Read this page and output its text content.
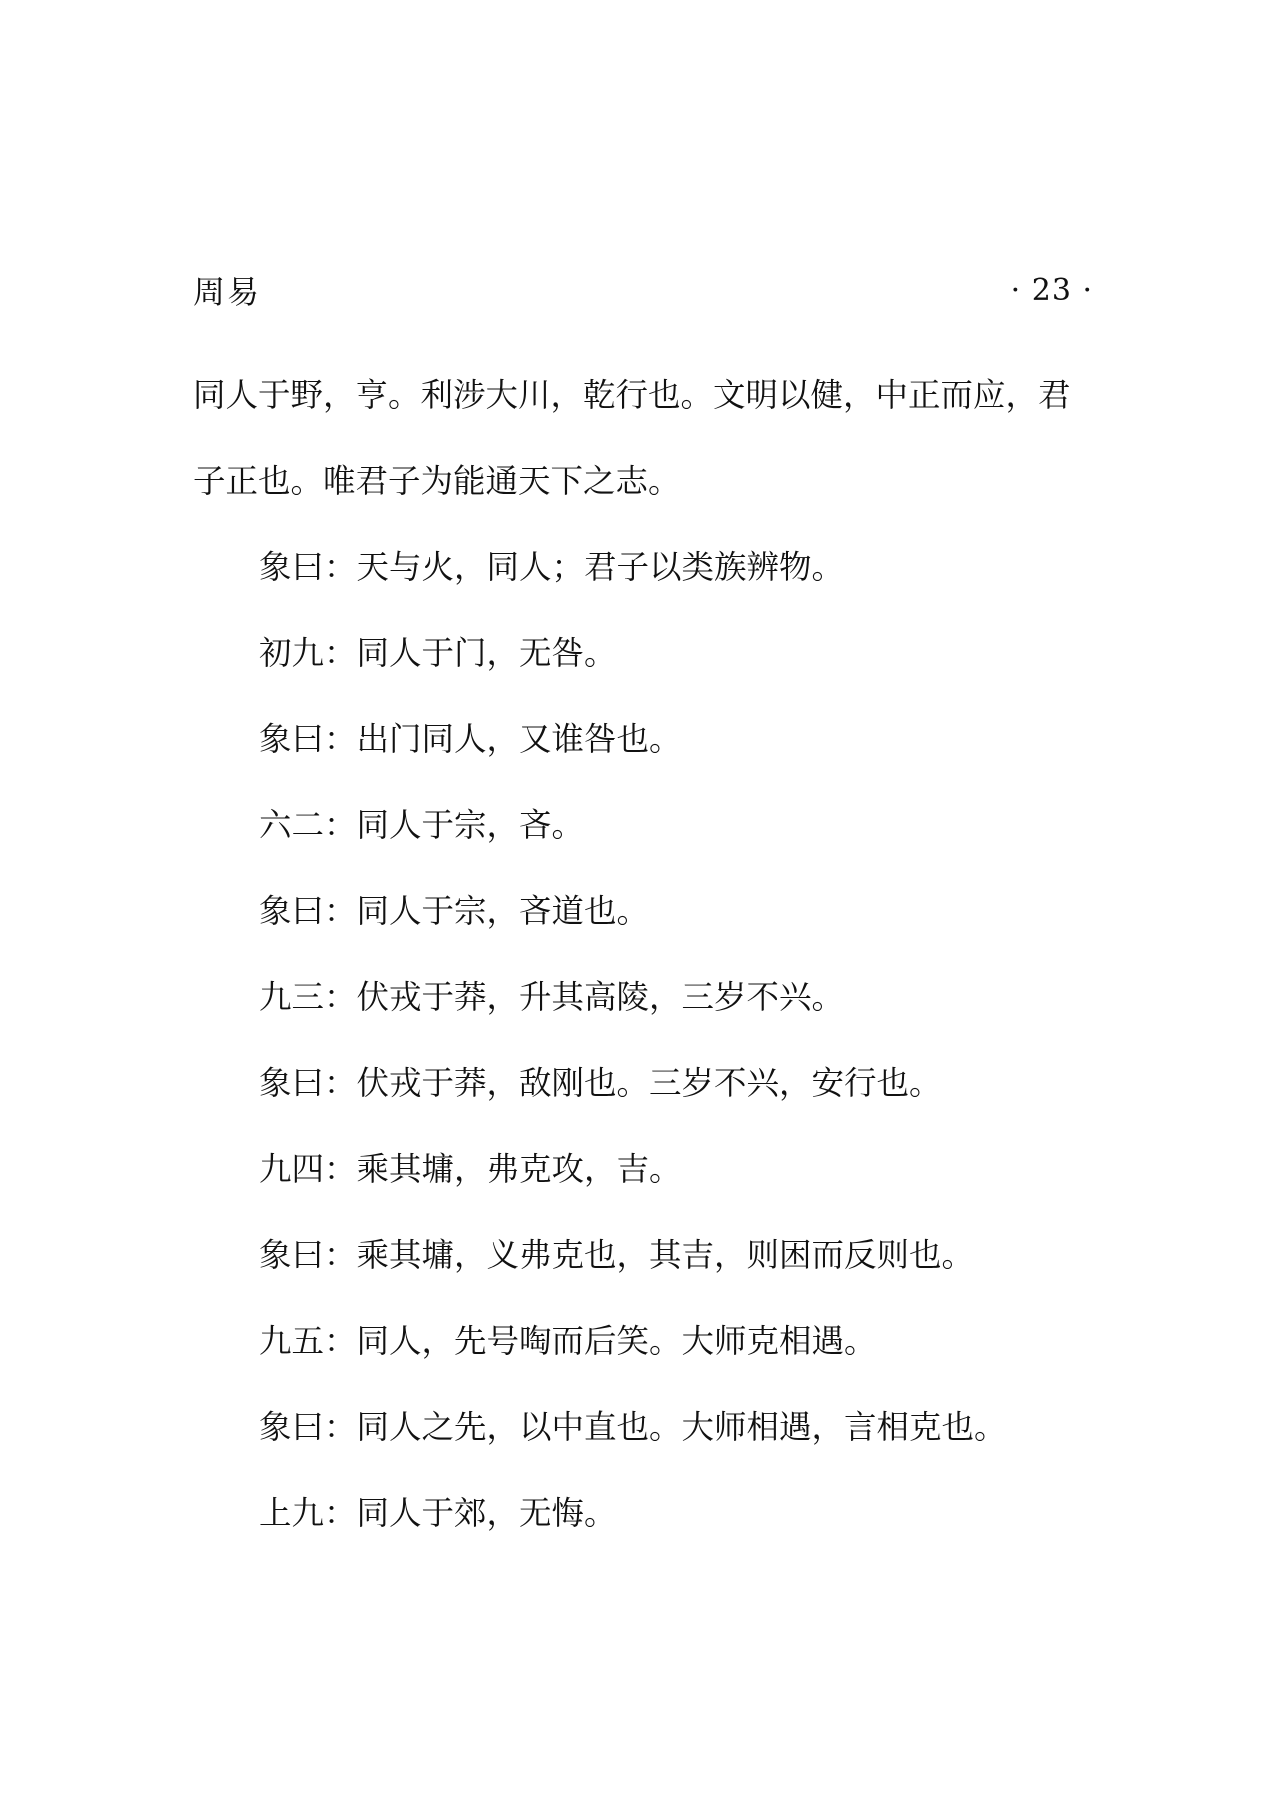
周易	· 23 ·
同人于野，亨。利涉大川，乾行也。文明以健，中正而应，君
子正也。唯君子为能通天下之志。
象曰：天与火，同人；君子以类族辨物。
初九：同人于门，无咎。
象曰：出门同人，又谁咎也。
六二：同人于宗，吝。
象曰：同人于宗，吝道也。
九三：伏戎于莽，升其高陵，三岁不兴。
象曰：伏戎于莽，敌刚也。三岁不兴，安行也。
九四：乘其墉，弗克攻，吉。
象曰：乘其墉，义弗克也，其吉，则困而反则也。
九五：同人，先号啕而后笑。大师克相遇。
象曰：同人之先，以中直也。大师相遇，言相克也。
上九：同人于郊，无悔。
